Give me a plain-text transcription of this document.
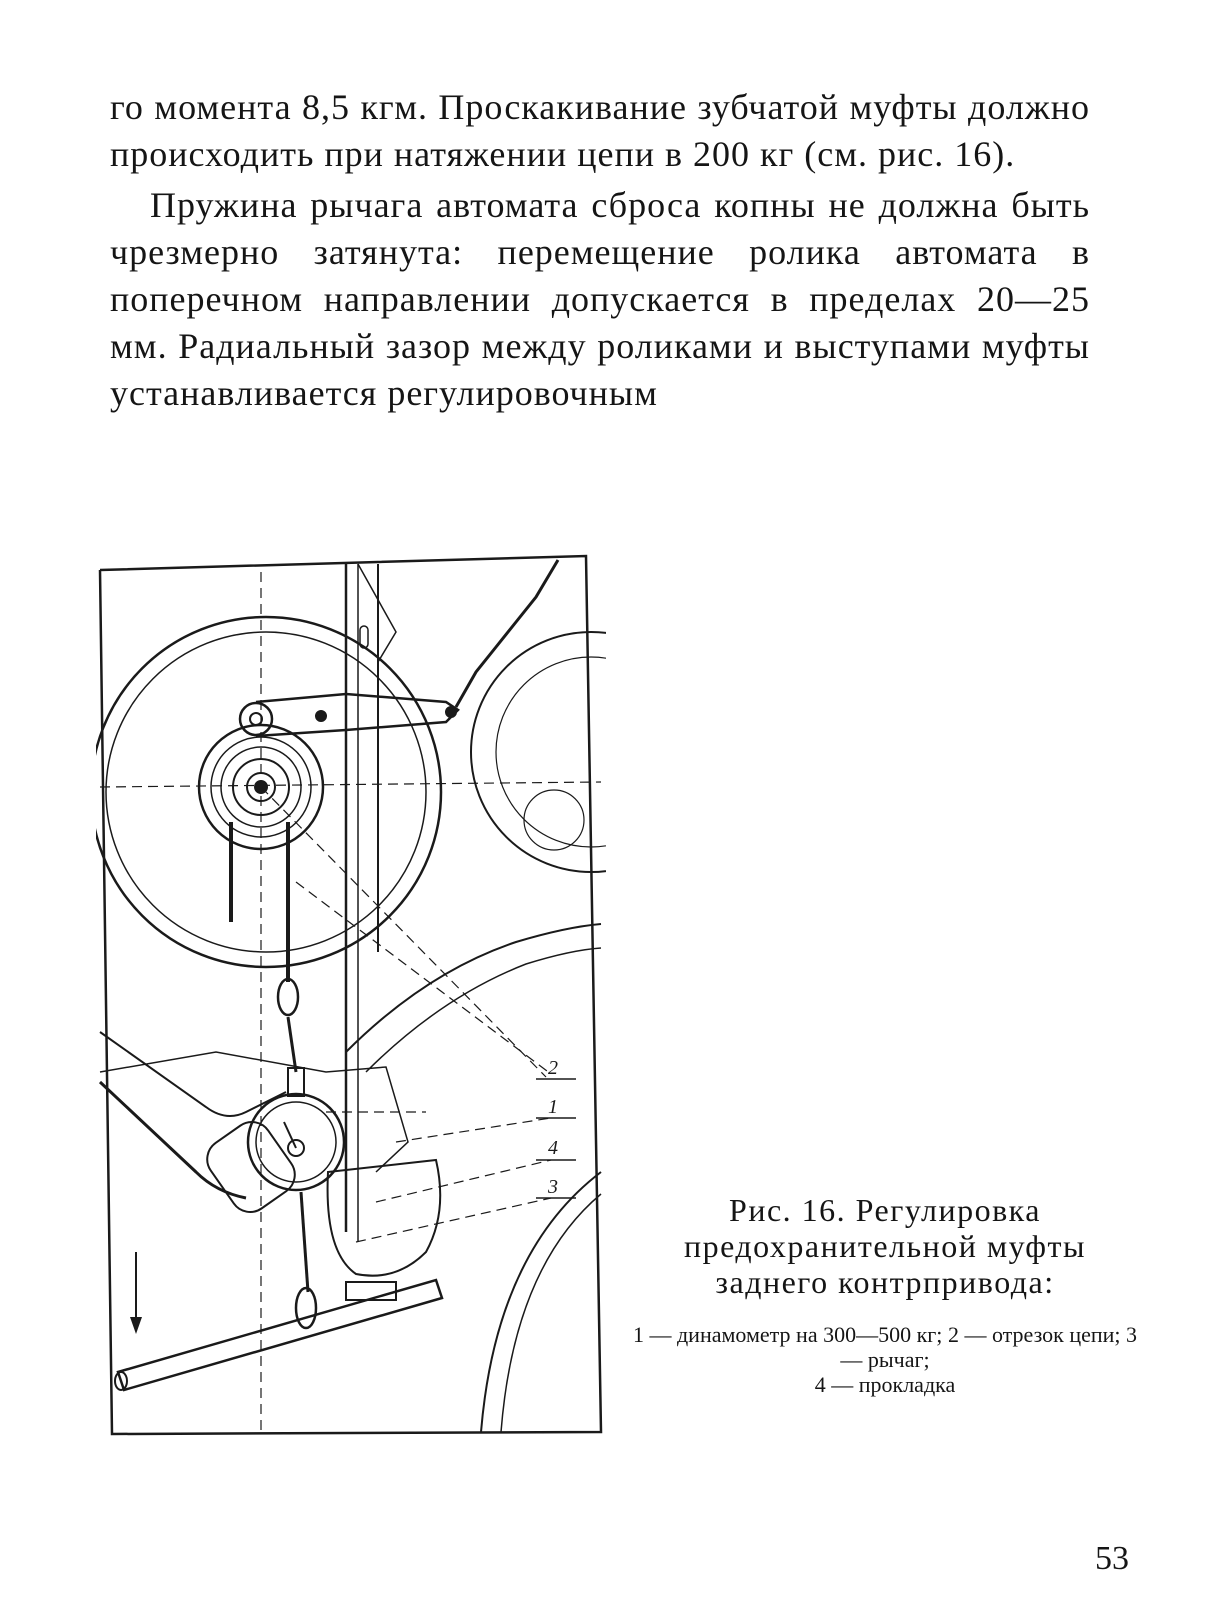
го момента 8,5 кгм. Проскакивание зубчатой муфты должно происходить при натяжении цепи в 200 кг (см. рис. 16).

Пружина рычага автомата сброса копны не должна быть чрезмерно затянута: перемещение ролика автомата в поперечном направлении допускается в пределах 20—25 мм. Радиальный зазор между роликами и выступами муфты устанавливается регулировочным

2
1
4
3

Рис. 16. Регулировка предохранительной муфты заднего контрпривода:

1 — динамометр на 300—500 кг; 2 — отрезок цепи; 3 — рычаг;
4 — прокладка
53
